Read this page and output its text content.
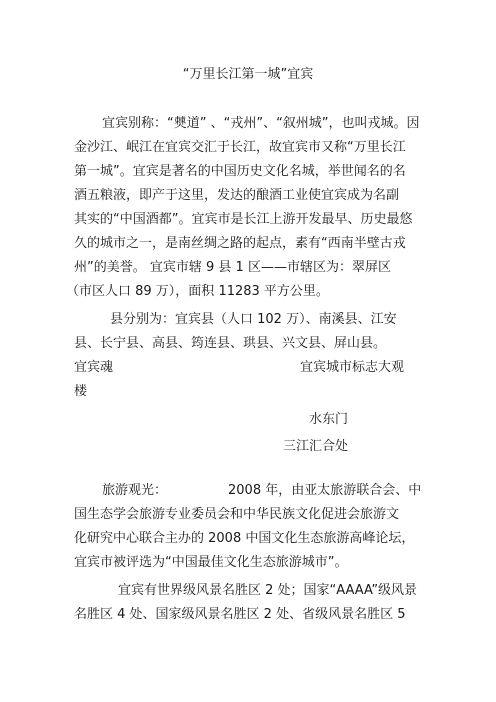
“万里长江第一城”宜宾
宜宾别称：“僰道” 、“戎州”、“叙州城”，也叫戎城。因
金沙江、岷江在宜宾交汇于长江，故宜宾市又称“万里长江
第一城”。宜宾是著名的中国历史文化名城，举世闻名的名
酒五粮液，即产于这里，发达的酿酒工业使宜宾成为名副
其实的“中国酒都”。宜宾市是长江上游开发最早、历史最悠
久的城市之一，是南丝绸之路的起点，素有“西南半壁古戎
州”的美誉。 宜宾市辖 9 县 1 区——市辖区为：翠屏区
（市区人口 89 万），面积 11283 平方公里。
县分别为：宜宾县（人口 102 万）、南溪县、江安
县、长宁县、高县、筠连县、珙县、兴文县、屏山县。
宜宾魂	宜宾城市标志大观
楼
水东门
三江汇合处
旅游观光：	2008 年，由亚太旅游联合会、中
国生态学会旅游专业委员会和中华民族文化促进会旅游文
化研究中心联合主办的 2008 中国文化生态旅游高峰论坛，
宜宾市被评选为“中国最佳文化生态旅游城市”。
宜宾有世界级风景名胜区 2 处；国家“AAAA”级风景
名胜区 4 处、国家级风景名胜区 2 处、省级风景名胜区 5
